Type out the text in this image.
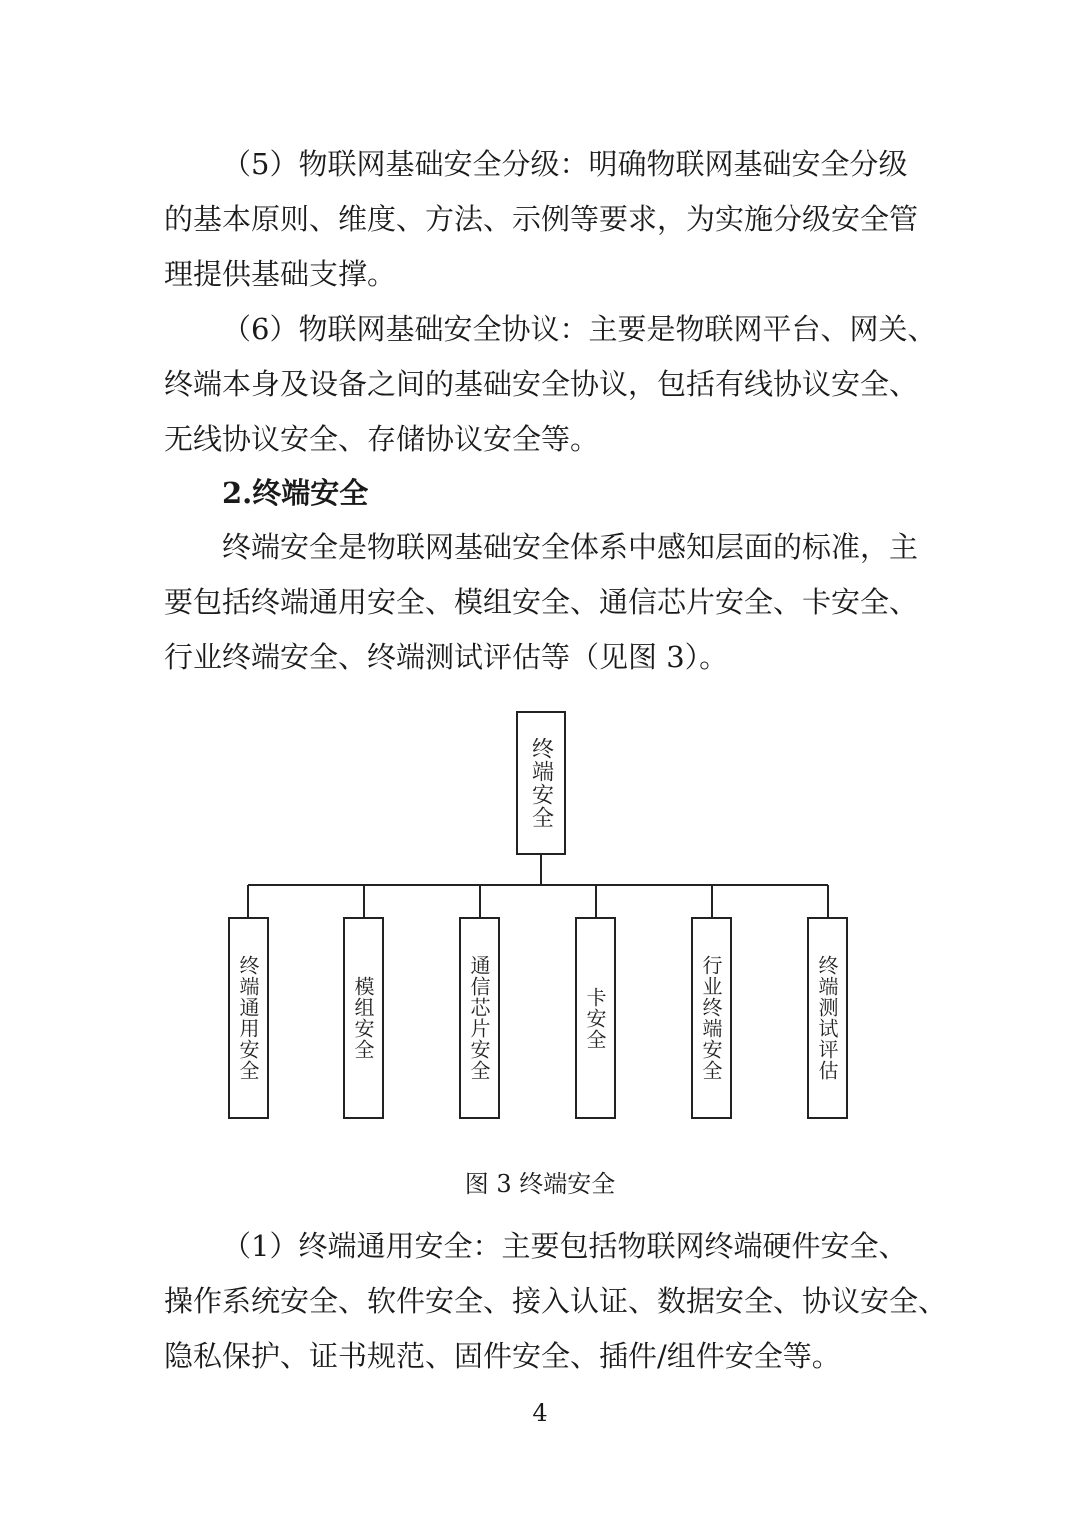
（5）物联网基础安全分级：明确物联网基础安全分级
的基本原则、维度、方法、示例等要求，为实施分级安全管
理提供基础支撑。
（6）物联网基础安全协议：主要是物联网平台、网关、
终端本身及设备之间的基础安全协议，包括有线协议安全、
无线协议安全、存储协议安全等。
2.终端安全
终端安全是物联网基础安全体系中感知层面的标准，主
要包括终端通用安全、模组安全、通信芯片安全、卡安全、
行业终端安全、终端测试评估等（见图 3）。
终端安全
终端通用安全	模组安全	通信芯片安全	卡安全	行业终端安全	终端测试评估
图 3 终端安全
（1）终端通用安全：主要包括物联网终端硬件安全、
操作系统安全、软件安全、接入认证、数据安全、协议安全、
隐私保护、证书规范、固件安全、插件/组件安全等。
4
